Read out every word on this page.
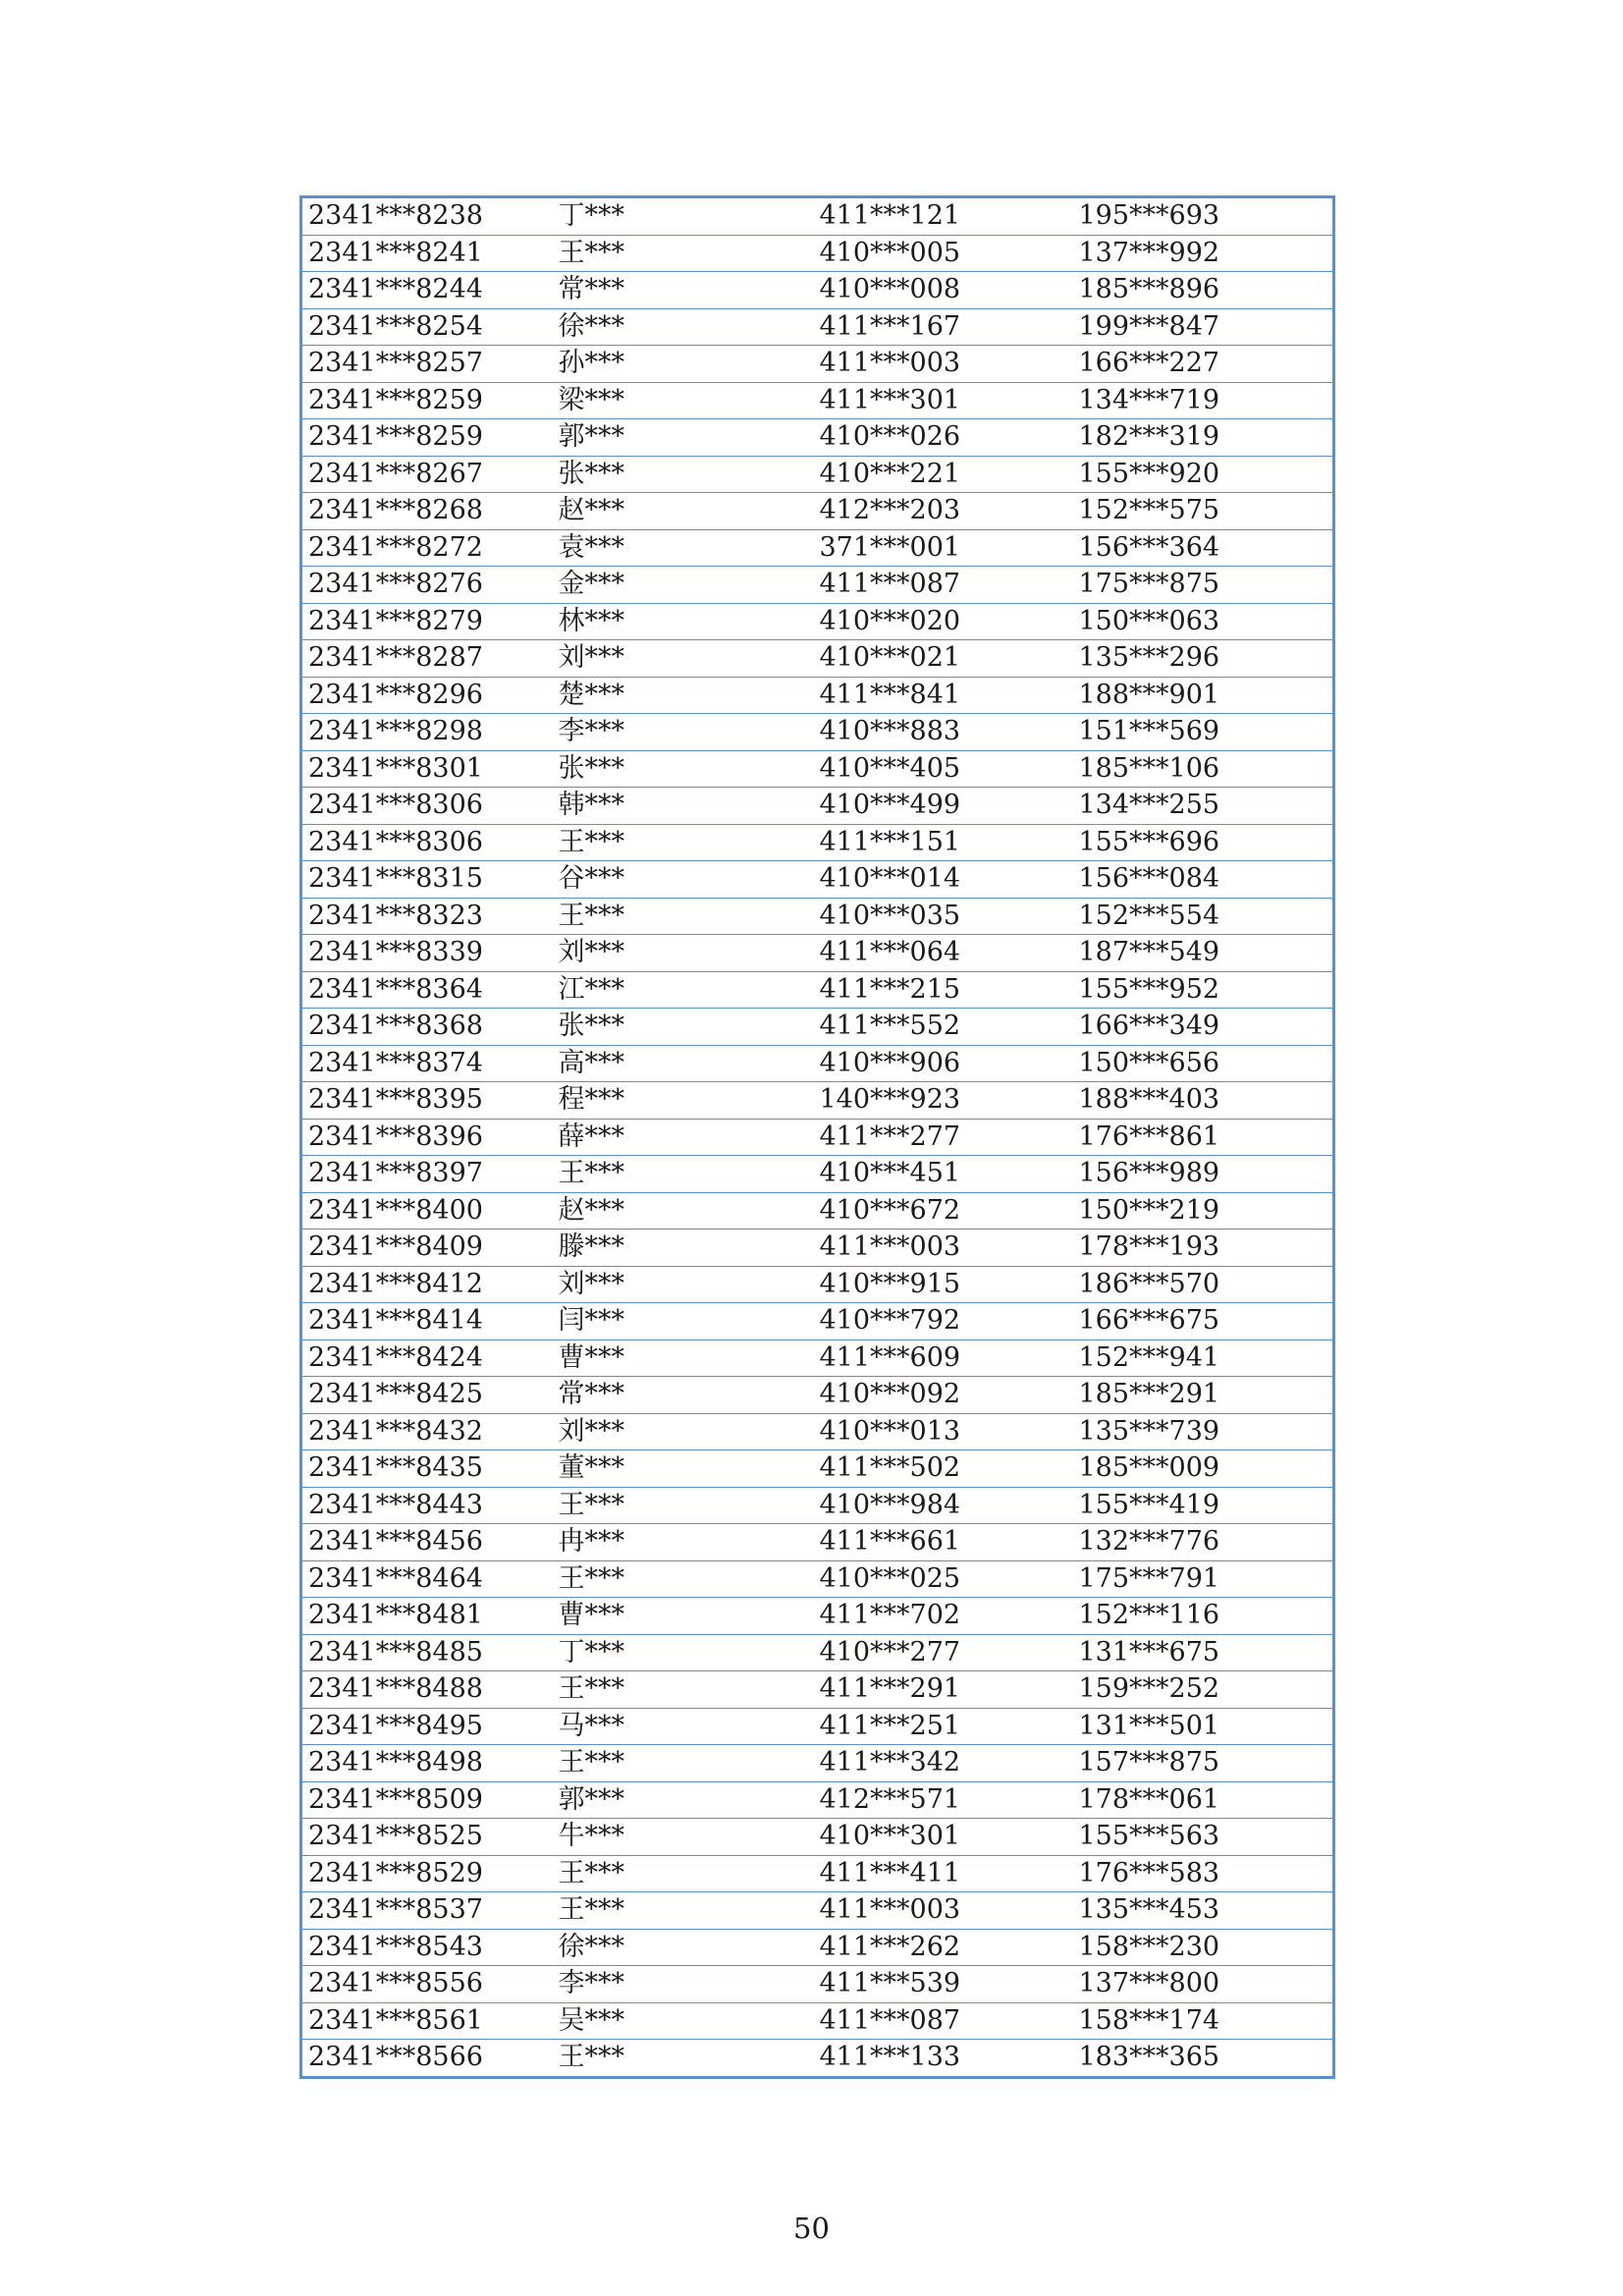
2341***8238	丁***	411***121	195***693
2341***8241	王***	410***005	137***992
2341***8244	常***	410***008	185***896
2341***8254	徐***	411***167	199***847
2341***8257	孙***	411***003	166***227
2341***8259	梁***	411***301	134***719
2341***8259	郭***	410***026	182***319
2341***8267	张***	410***221	155***920
2341***8268	赵***	412***203	152***575
2341***8272	袁***	371***001	156***364
2341***8276	金***	411***087	175***875
2341***8279	林***	410***020	150***063
2341***8287	刘***	410***021	135***296
2341***8296	楚***	411***841	188***901
2341***8298	李***	410***883	151***569
2341***8301	张***	410***405	185***106
2341***8306	韩***	410***499	134***255
2341***8306	王***	411***151	155***696
2341***8315	谷***	410***014	156***084
2341***8323	王***	410***035	152***554
2341***8339	刘***	411***064	187***549
2341***8364	江***	411***215	155***952
2341***8368	张***	411***552	166***349
2341***8374	高***	410***906	150***656
2341***8395	程***	140***923	188***403
2341***8396	薛***	411***277	176***861
2341***8397	王***	410***451	156***989
2341***8400	赵***	410***672	150***219
2341***8409	滕***	411***003	178***193
2341***8412	刘***	410***915	186***570
2341***8414	闫***	410***792	166***675
2341***8424	曹***	411***609	152***941
2341***8425	常***	410***092	185***291
2341***8432	刘***	410***013	135***739
2341***8435	董***	411***502	185***009
2341***8443	王***	410***984	155***419
2341***8456	冉***	411***661	132***776
2341***8464	王***	410***025	175***791
2341***8481	曹***	411***702	152***116
2341***8485	丁***	410***277	131***675
2341***8488	王***	411***291	159***252
2341***8495	马***	411***251	131***501
2341***8498	王***	411***342	157***875
2341***8509	郭***	412***571	178***061
2341***8525	牛***	410***301	155***563
2341***8529	王***	411***411	176***583
2341***8537	王***	411***003	135***453
2341***8543	徐***	411***262	158***230
2341***8556	李***	411***539	137***800
2341***8561	吴***	411***087	158***174
2341***8566	王***	411***133	183***365
50
